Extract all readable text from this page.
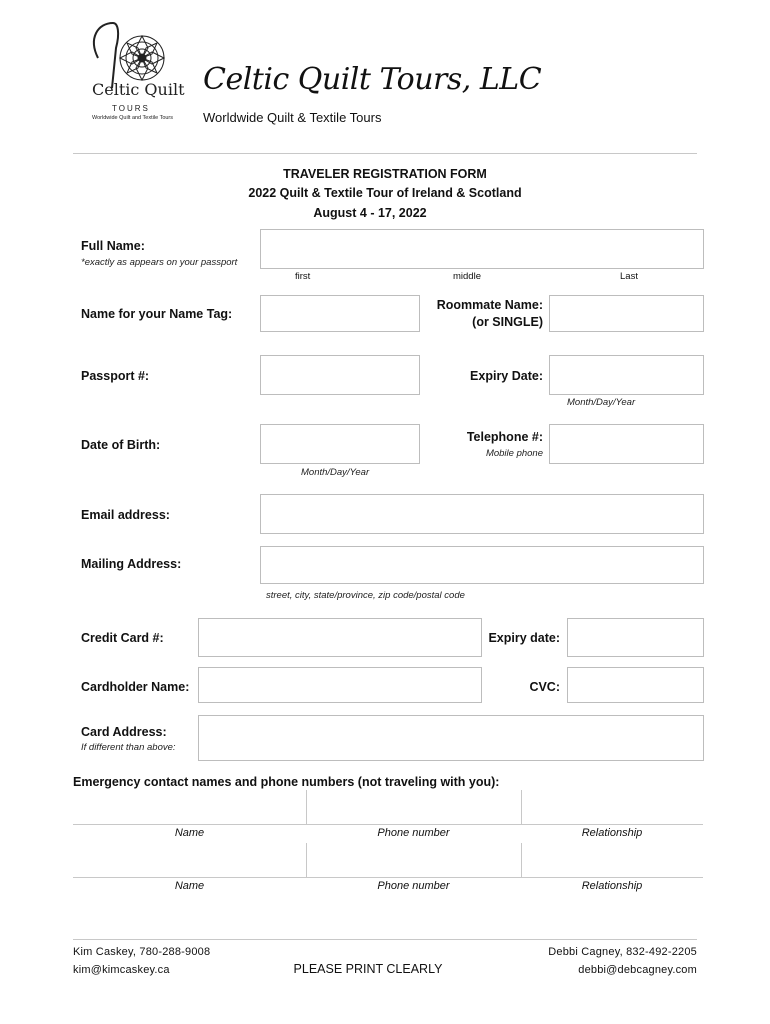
Celtic Quilt
TOURS
Worldwide Quilt and Textile Tours
Celtic Quilt Tours, LLC
Worldwide Quilt & Textile Tours
TRAVELER REGISTRATION FORM
2022 Quilt & Textile Tour of Ireland & Scotland
August 4 - 17, 2022
Full Name:
*exactly as appears on your passport
first	middle	Last
Name for your Name Tag:
Roommate Name:
(or SINGLE)
Passport #:	Expiry Date:
Month/Day/Year
Date of Birth:
Month/Day/Year
Telephone #:
Mobile phone
Email address:
Mailing Address:
street, city, state/province, zip code/postal code
Credit Card #:	Expiry date:
Cardholder Name:	CVC:
Card Address:
If different than above:
Emergency contact names and phone numbers (not traveling with you):
Name	Phone number	Relationship
Name	Phone number	Relationship
Kim Caskey, 780-288-9008
kim@kimcaskey.ca	PLEASE PRINT CLEARLY
Debbi Cagney, 832-492-2205
debbi@debcagney.com
